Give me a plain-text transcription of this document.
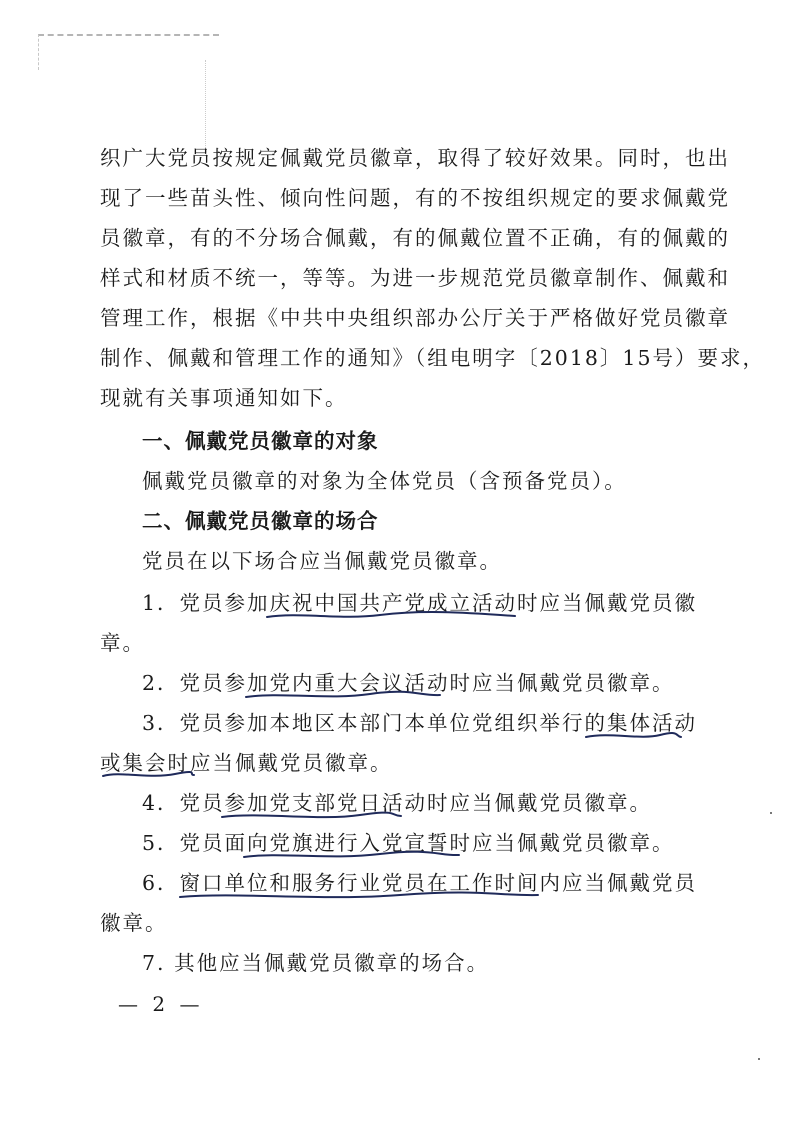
织广大党员按规定佩戴党员徽章，取得了较好效果。同时，也出
现了一些苗头性、倾向性问题，有的不按组织规定的要求佩戴党
员徽章，有的不分场合佩戴，有的佩戴位置不正确，有的佩戴的
样式和材质不统一，等等。为进一步规范党员徽章制作、佩戴和
管理工作，根据《中共中央组织部办公厅关于严格做好党员徽章
制作、佩戴和管理工作的通知》（组电明字〔2018〕15号）要求，
现就有关事项通知如下。
一、佩戴党员徽章的对象
佩戴党员徽章的对象为全体党员（含预备党员）。
二、佩戴党员徽章的场合
党员在以下场合应当佩戴党员徽章。
1．党员参加庆祝中国共产党成立活动时应当佩戴党员徽
章。
2．党员参加党内重大会议活动时应当佩戴党员徽章。
3．党员参加本地区本部门本单位党组织举行的集体活动
或集会时应当佩戴党员徽章。
4．党员参加党支部党日活动时应当佩戴党员徽章。
5．党员面向党旗进行入党宣誓时应当佩戴党员徽章。
6．窗口单位和服务行业党员在工作时间内应当佩戴党员
徽章。
7. 其他应当佩戴党员徽章的场合。
— 2 —
